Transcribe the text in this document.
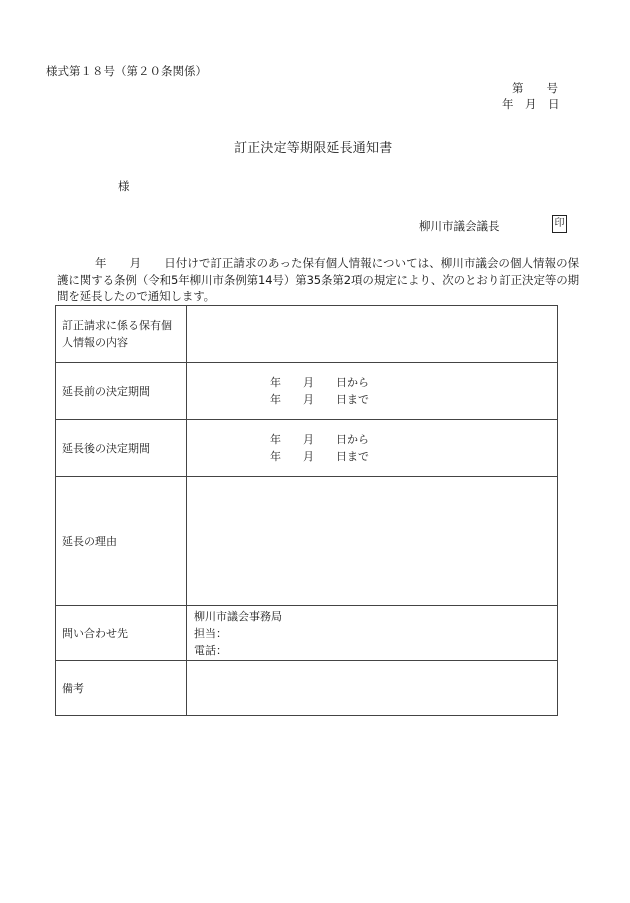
様式第１８号（第２０条関係）
第　　号
年　月　日
訂正決定等期限延長通知書
様
柳川市議会議長	印
年　　月　　日付けで訂正請求のあった保有個人情報については、柳川市議会の個人情報の保護に関する条例（令和5年柳川市条例第14号）第35条第2項の規定により、次のとおり訂正決定等の期間を延長したので通知します。
訂正請求に係る保有個
人情報の内容	
延長前の決定期間	年　　月　　日から
年　　月　　日まで

延長後の決定期間	年　　月　　日から
年　　月　　日まで

延長の理由	
問い合わせ先	柳川市議会事務局
担当：
電話：

備考	
